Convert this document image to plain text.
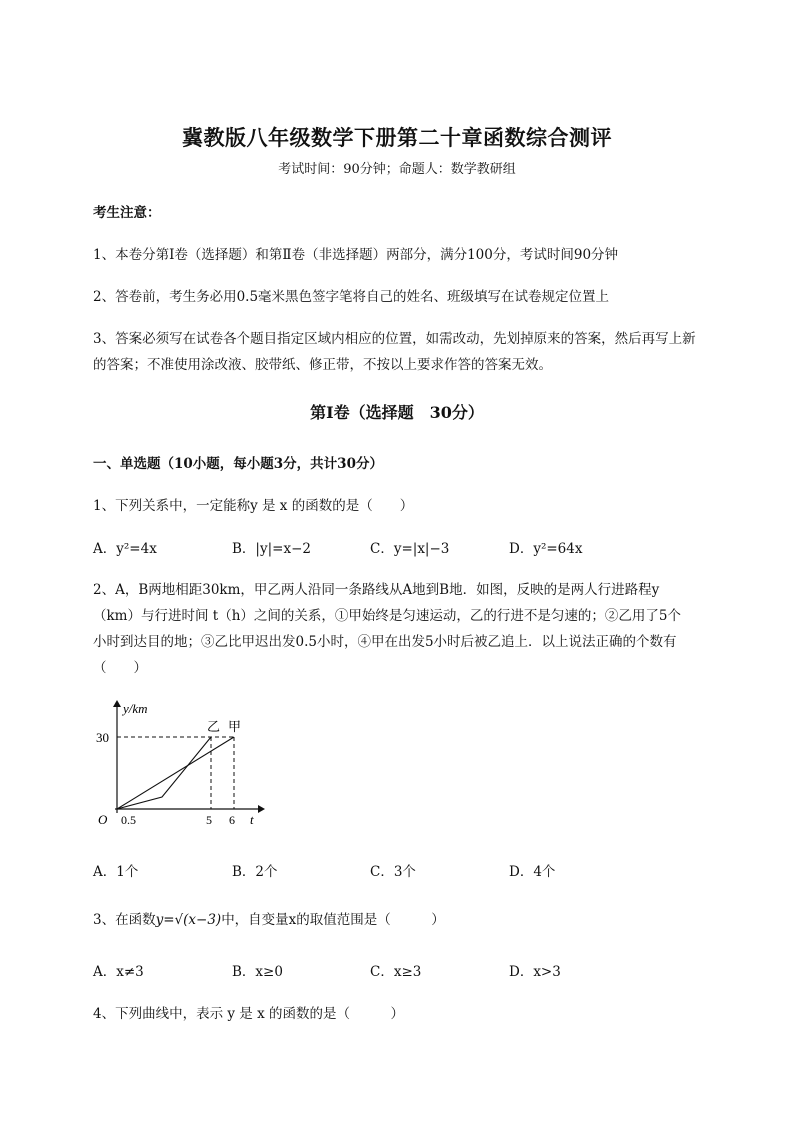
冀教版八年级数学下册第二十章函数综合测评
考试时间：90分钟；命题人：数学教研组
考生注意：
1、本卷分第I卷（选择题）和第Ⅱ卷（非选择题）两部分，满分100分，考试时间90分钟
2、答卷前，考生务必用0.5毫米黑色签字笔将自己的姓名、班级填写在试卷规定位置上
3、答案必须写在试卷各个题目指定区域内相应的位置，如需改动，先划掉原来的答案，然后再写上新
的答案；不准使用涂改液、胶带纸、修正带，不按以上要求作答的答案无效。
第I卷（选择题　30分）
一、单选题（10小题，每小题3分，共计30分）
1、下列关系中，一定能称y 是 x 的函数的是（　　）
A．y²=4x	B．|y|=x−2	C．y=|x|−3	D．y²=64x
2、A，B两地相距30km，甲乙两人沿同一条路线从A地到B地．如图，反映的是两人行进路程y
（km）与行进时间 t（h）之间的关系，①甲始终是匀速运动，乙的行进不是匀速的；②乙用了5个
小时到达目的地；③乙比甲迟出发0.5小时，④甲在出发5小时后被乙追上．以上说法正确的个数有
（　　）
y/km
30
O 0.5	5 6 t
乙 甲
A．1个	B．2个	C．3个	D．4个
3、在函数y=√(x−3)中，自变量x的取值范围是（　　　）
A．x≠3	B．x≥0	C．x≥3	D．x>3
4、下列曲线中，表示 y 是 x 的函数的是（　　　）
